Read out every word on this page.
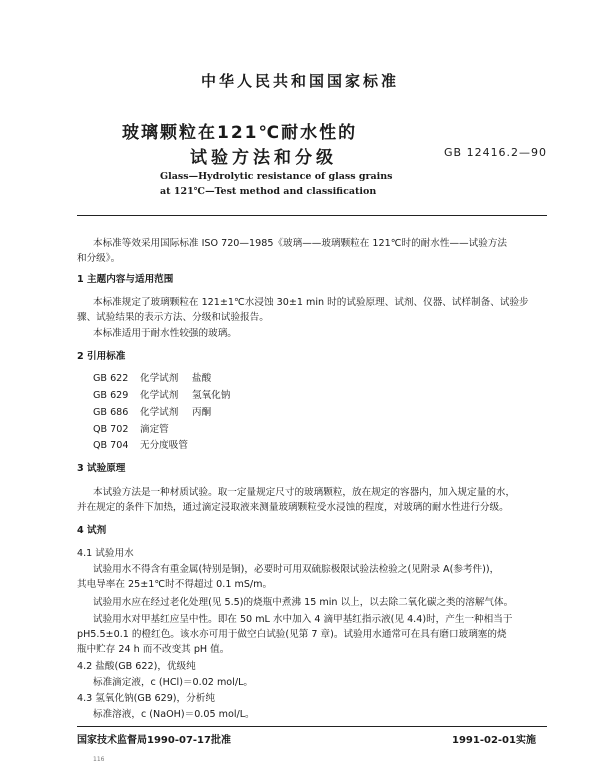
中华人民共和国国家标准
玻璃颗粒在121℃耐水性的
试验方法和分级	GB 12416.2—90
Glass—Hydrolytic resistance of glass grains
at 121℃—Test method and classification
本标准等效采用国际标准 ISO 720—1985《玻璃——玻璃颗粒在 121℃时的耐水性——试验方法
和分级》。
1 主题内容与适用范围
本标准规定了玻璃颗粒在 121±1℃水浸蚀 30±1 min 时的试验原理、试剂、仪器、试样制备、试验步
骤、试验结果的表示方法、分级和试验报告。
本标准适用于耐水性较强的玻璃。
2 引用标准
GB 622 化学试剂 盐酸
GB 629 化学试剂 氢氧化钠
GB 686 化学试剂 丙酮
QB 702 滴定管
QB 704 无分度吸管
3 试验原理
本试验方法是一种材质试验。取一定量规定尺寸的玻璃颗粒，放在规定的容器内，加入规定量的水，
并在规定的条件下加热，通过滴定浸取液来测量玻璃颗粒受水浸蚀的程度，对玻璃的耐水性进行分级。
4 试剂
4.1 试验用水
试验用水不得含有重金属(特别是铜)，必要时可用双硫腙极限试验法检验之(见附录 A(参考件))，
其电导率在 25±1℃时不得超过 0.1 mS/m。
试验用水应在经过老化处理(见 5.5)的烧瓶中煮沸 15 min 以上，以去除二氧化碳之类的溶解气体。
试验用水对甲基红应呈中性。即在 50 mL 水中加入 4 滴甲基红指示液(见 4.4)时，产生一种相当于
pH5.5±0.1 的橙红色。该水亦可用于做空白试验(见第 7 章)。试验用水通常可在具有磨口玻璃塞的烧
瓶中贮存 24 h 而不改变其 pH 值。
4.2 盐酸(GB 622)，优级纯
标准滴定液，c (HCl)＝0.02 mol/L。
4.3 氢氧化钠(GB 629)，分析纯
标准溶液，c (NaOH)＝0.05 mol/L。
国家技术监督局1990-07-17批准	1991-02-01实施
116
